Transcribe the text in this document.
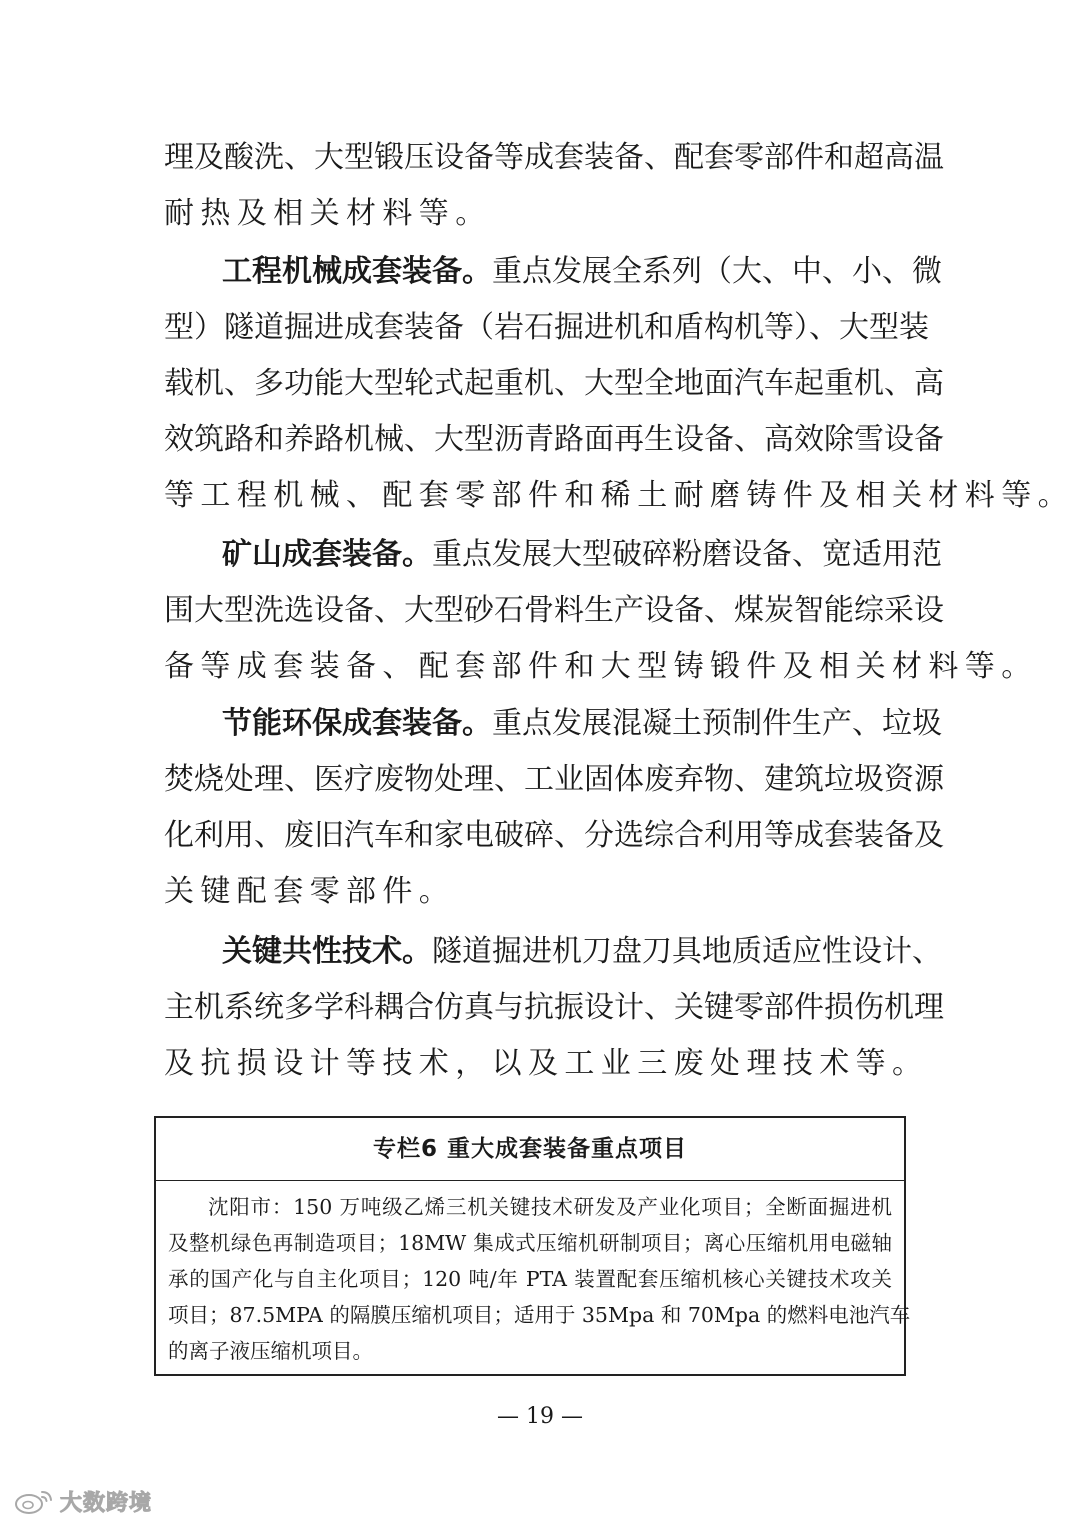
理及酸洗、大型锻压设备等成套装备、配套零部件和超高温
耐热及相关材料等。
工程机械成套装备。重点发展全系列（大、中、小、微
型）隧道掘进成套装备（岩石掘进机和盾构机等）、大型装
载机、多功能大型轮式起重机、大型全地面汽车起重机、高
效筑路和养路机械、大型沥青路面再生设备、高效除雪设备
等工程机械、配套零部件和稀土耐磨铸件及相关材料等。
矿山成套装备。重点发展大型破碎粉磨设备、宽适用范
围大型洗选设备、大型砂石骨料生产设备、煤炭智能综采设
备等成套装备、配套部件和大型铸锻件及相关材料等。
节能环保成套装备。重点发展混凝土预制件生产、垃圾
焚烧处理、医疗废物处理、工业固体废弃物、建筑垃圾资源
化利用、废旧汽车和家电破碎、分选综合利用等成套装备及
关键配套零部件。
关键共性技术。隧道掘进机刀盘刀具地质适应性设计、
主机系统多学科耦合仿真与抗振设计、关键零部件损伤机理
及抗损设计等技术，以及工业三废处理技术等。
专栏6 重大成套装备重点项目
沈阳市：150 万吨级乙烯三机关键技术研发及产业化项目；全断面掘进机
及整机绿色再制造项目；18MW 集成式压缩机研制项目；离心压缩机用电磁轴
承的国产化与自主化项目；120 吨/年 PTA 装置配套压缩机核心关键技术攻关
项目；87.5MPA 的隔膜压缩机项目；适用于 35Mpa 和 70Mpa 的燃料电池汽车
的离子液压缩机项目。
— 19 —
大数跨境
